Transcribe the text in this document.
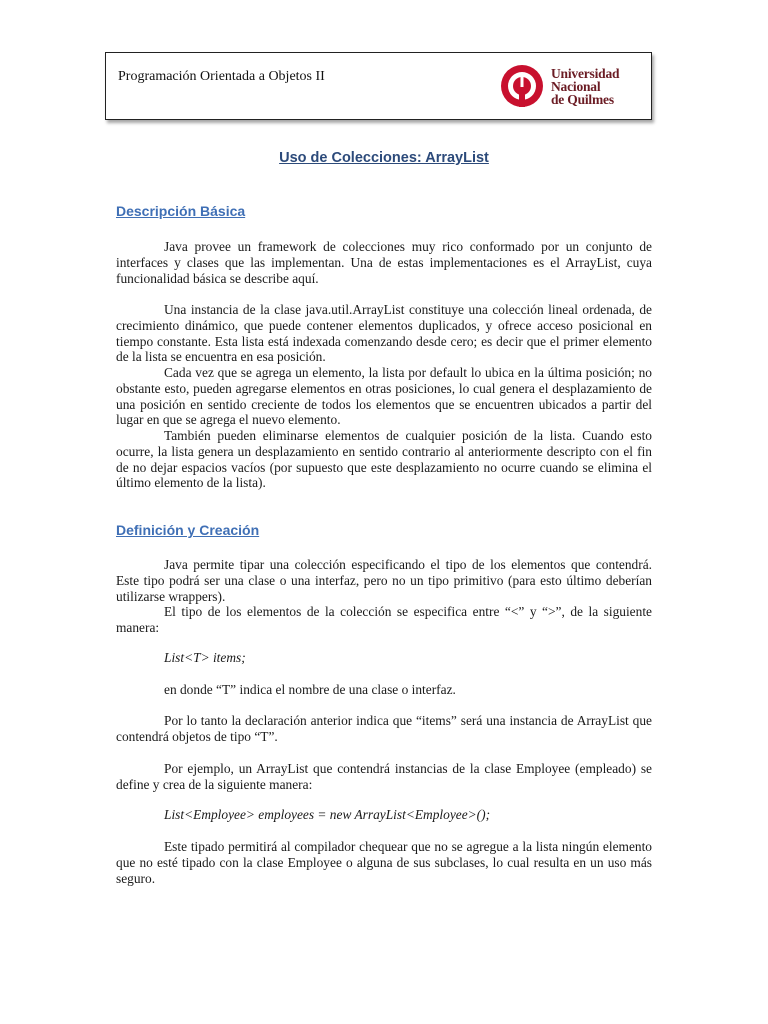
Programación Orientada a Objetos II	Universidad
Nacional
de Quilmes
Uso de Colecciones: ArrayList
Descripción Básica

Java provee un framework de colecciones muy rico conformado por un conjunto de interfaces y clases que las implementan. Una de estas implementaciones es el ArrayList, cuya funcionalidad básica se describe aquí.

Una instancia de la clase java.util.ArrayList constituye una colección lineal ordenada, de crecimiento dinámico, que puede contener elementos duplicados, y ofrece acceso posicional en tiempo constante. Esta lista está indexada comenzando desde cero; es decir que el primer elemento de la lista se encuentra en esa posición.

Cada vez que se agrega un elemento, la lista por default lo ubica en la última posición; no obstante esto, pueden agregarse elementos en otras posiciones, lo cual genera el desplazamiento de una posición en sentido creciente de todos los elementos que se encuentren ubicados a partir del lugar en que se agrega el nuevo elemento.

También pueden eliminarse elementos de cualquier posición de la lista. Cuando esto ocurre, la lista genera un desplazamiento en sentido contrario al anteriormente descripto con el fin de no dejar espacios vacíos (por supuesto que este desplazamiento no ocurre cuando se elimina el último elemento de la lista).

Definición y Creación

Java permite tipar una colección especificando el tipo de los elementos que contendrá. Este tipo podrá ser una clase o una interfaz, pero no un tipo primitivo (para esto último deberían utilizarse wrappers).

El tipo de los elementos de la colección se especifica entre “<” y “>”, de la siguiente manera:

List<T> items;

en donde “T” indica el nombre de una clase o interfaz.

Por lo tanto la declaración anterior indica que “items” será una instancia de ArrayList que contendrá objetos de tipo “T”.

Por ejemplo, un ArrayList que contendrá instancias de la clase Employee (empleado) se define y crea de la siguiente manera:

List<Employee> employees = new ArrayList<Employee>();

Este tipado permitirá al compilador chequear que no se agregue a la lista ningún elemento que no esté tipado con la clase Employee o alguna de sus subclases, lo cual resulta en un uso más seguro.
